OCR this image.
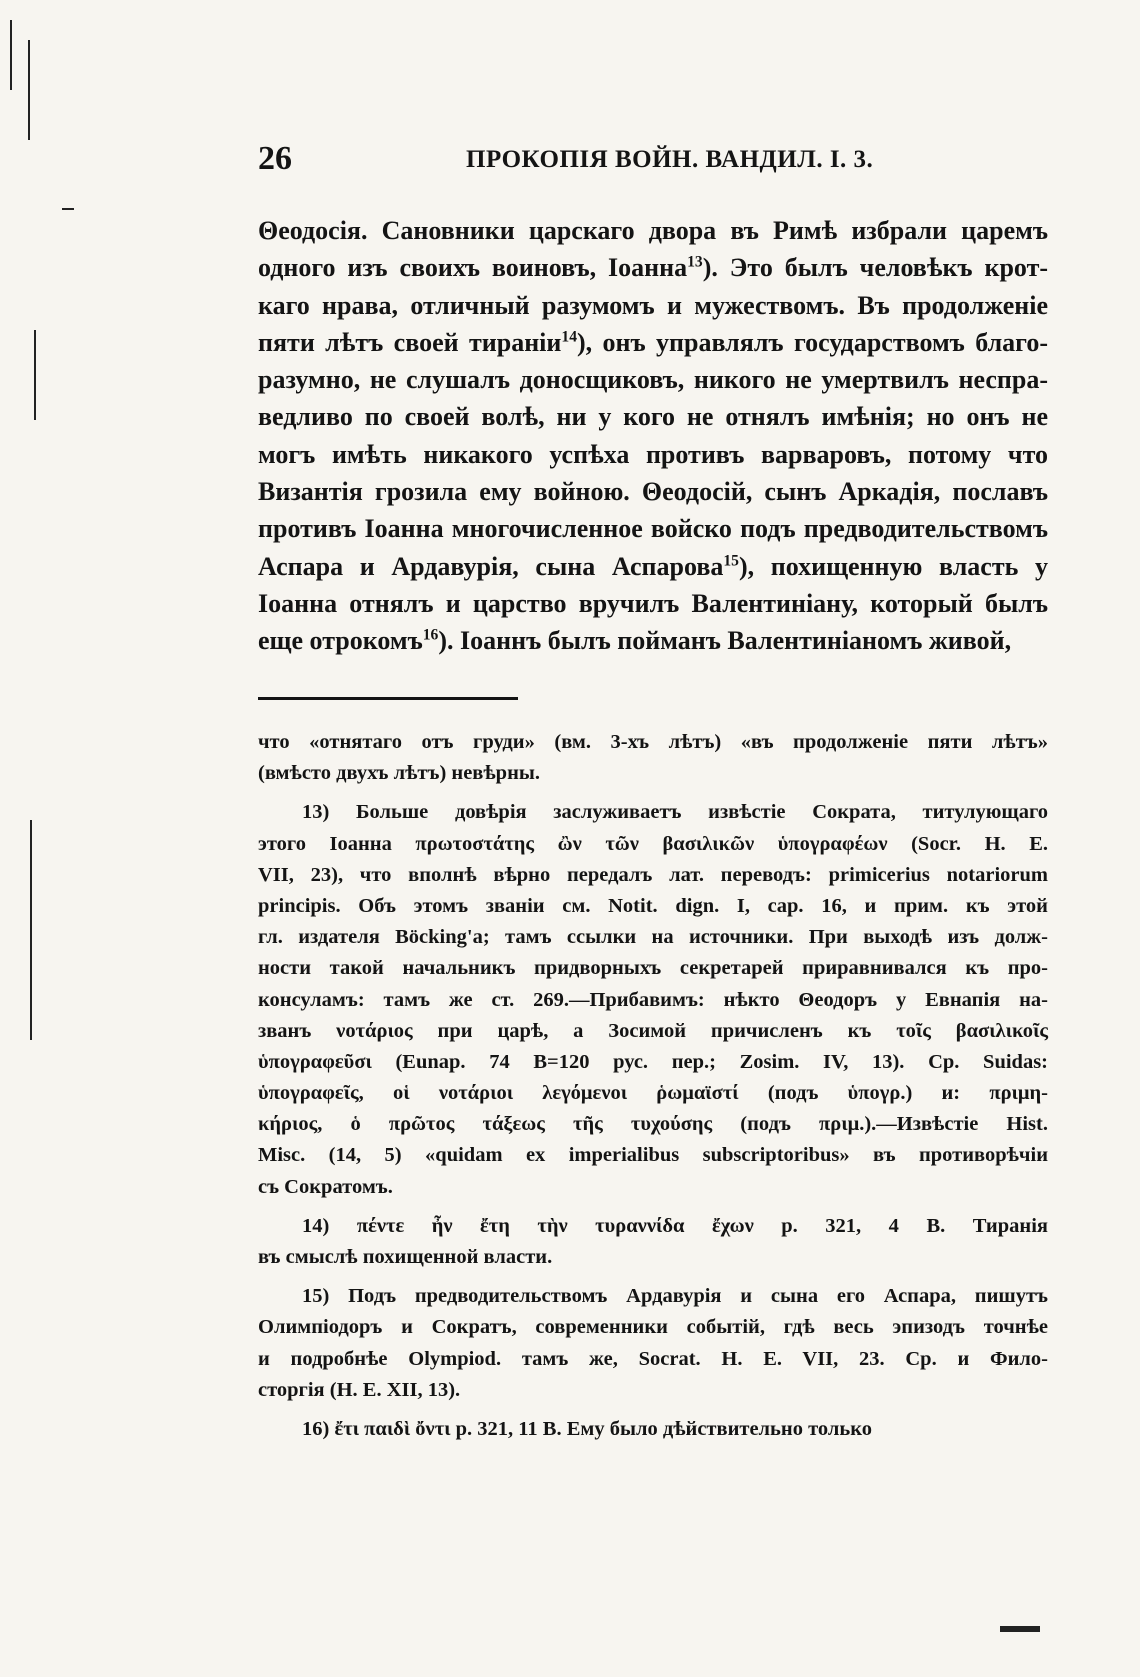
26	ПРОКОПІЯ ВОЙН. ВАНДИЛ. I. 3.
Θеодосія. Сановники царскаго двора въ Римѣ избрали царемъ
одного изъ своихъ воиновъ, Іоанна$^{13}$). Это былъ человѣкъ крот-
каго нрава, отличный разумомъ и мужествомъ. Въ продолженіе
пяти лѣтъ своей тираніи$^{14}$), онъ управлялъ государствомъ благо-
разумно, не слушалъ доносщиковъ, никого не умертвилъ неспра-
ведливо по своей волѣ, ни у кого не отнялъ имѣнія; но онъ не
могъ имѣть никакого успѣха противъ варваровъ, потому что
Византія грозила ему войною. Θеодосій, сынъ Аркадія, пославъ
противъ Іоанна многочисленное войско подъ предводительствомъ
Аспара и Ардавурія, сына Аспарова$^{15}$), похищенную власть у
Іоанна отнялъ и царство вручилъ Валентиніану, который былъ
еще отрокомъ$^{16}$). Іоаннъ былъ пойманъ Валентиніаномъ живой,
что «отнятаго отъ груди» (вм. 3-хъ лѣтъ) «въ продолженіе пяти лѣтъ»
(вмѣсто двухъ лѣтъ) невѣрны.
13) Больше довѣрія заслуживаетъ извѣстіе Сократа, титулующаго
этого Іоанна πρωτοστάτης ὢν τῶν βασιλικῶν ὑπογραφέων (Socr. H. E.
VII, 23), что вполнѣ вѣрно передалъ лат. переводъ: primicerius notariorum
principis. Объ этомъ званіи см. Notit. dign. I, cap. 16, и прим. къ этой
гл. издателя Böcking'a; тамъ ссылки на источники. При выходѣ изъ долж-
ности такой начальникъ придворныхъ секретарей приравнивался къ про-
консуламъ: тамъ же ст. 269.—Прибавимъ: нѣкто Θеодоръ у Евнапія на-
званъ νοτάριος при царѣ, а Зосимой причисленъ къ τοῖς βασιλικοῖς
ὑπογραφεῦσι (Eunap. 74 B=120 рус. пер.; Zosim. IV, 13). Ср. Suidas:
ὑπογραφεῖς, οἱ νοτάριοι λεγόμενοι ῥωμαϊστί (подъ ὑπογρ.) и: πριμη-
κήριος, ὁ πρῶτος τάξεως τῆς τυχούσης (подъ πριμ.).—Извѣстіе Hist.
Misc. (14, 5) «quidam ex imperialibus subscriptoribus» въ противорѣчіи
съ Сократомъ.
14) πέντε ἦν ἔτη τὴν τυραννίδα ἔχων p. 321, 4 B. Тиранія
въ смыслѣ похищенной власти.
15) Подъ предводительствомъ Ардавурія и сына его Аспара, пишутъ
Олимпіодоръ и Сократъ, современники событій, гдѣ весь эпизодъ точнѣе
и подробнѣе Olympiod. тамъ же, Socrat. H. E. VII, 23. Ср. и Фило-
сторгія (H. E. XII, 13).
16) ἔτι παιδὶ ὄντι p. 321, 11 B. Ему было дѣйствительно только
